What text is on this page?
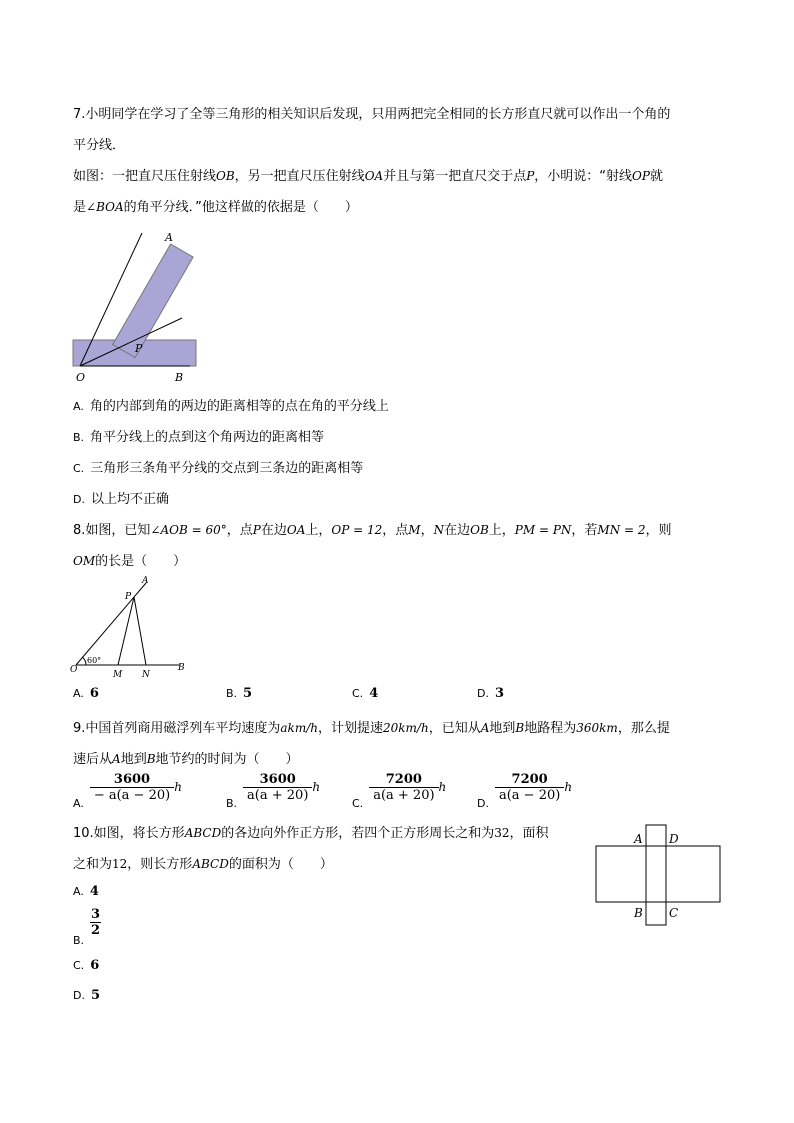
7.小明同学在学习了全等三角形的相关知识后发现，只用两把完全相同的长方形直尺就可以作出一个角的
平分线．
如图：一把直尺压住射线OB，另一把直尺压住射线OA并且与第一把直尺交于点P，小明说：“射线OP就
是∠BOA的角平分线．”他这样做的依据是（　　）
A
P
O	B
A. 角的内部到角的两边的距离相等的点在角的平分线上
B. 角平分线上的点到这个角两边的距离相等
C. 三角形三条角平分线的交点到三条边的距离相等
D. 以上均不正确
8.如图，已知∠AOB = 60°，点P在边OA上，OP = 12，点M，N在边OB上，PM = PN，若MN = 2，则
OM的长是（　　）
A
P
O
60°
M N
B
A. 6	B. 5	C. 4	D. 3
9.中国首列商用磁浮列车平均速度为akm/h，计划提速20km/h，已知从A地到B地路程为360km，那么提
速后从A地到B地节约的时间为（　　）
$_{A.}$
$\frac{3600}{- a(a - 20)}$ h
$_{B.}$
$\frac{3600}{a(a + 20)}$ h
$_{C.}$
$\frac{7200}{a(a + 20)}$ h
$_{D.}$
$\frac{7200}{a(a - 20)}$ h
10.如图，将长方形ABCD的各边向外作正方形，若四个正方形周长之和为32，面积
之和为12，则长方形ABCD的面积为（　　）
A D
B C
A. 4
$_{B.}$
$\frac{3}{2}$
C. 6
D. 5
